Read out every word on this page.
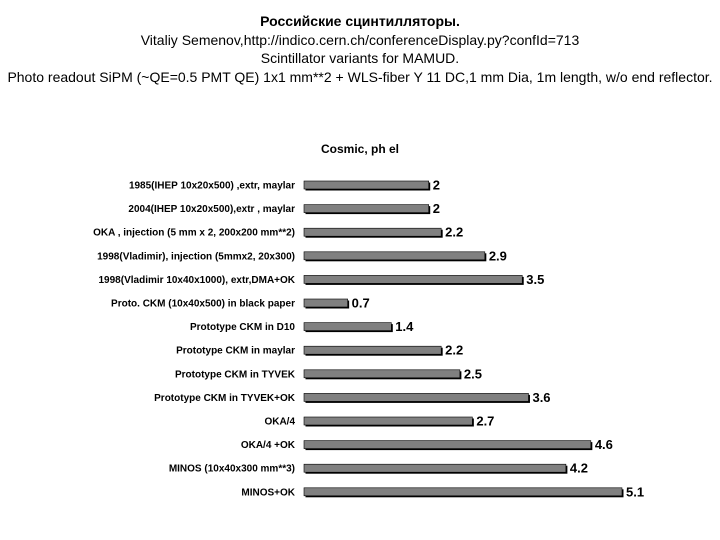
Российские сцинтилляторы.
Vitaliy Semenov,http://indico.cern.ch/conferenceDisplay.py?confId=713
Scintillator variants for MAMUD.
Photo readout SiPM (~QE=0.5 PMT QE) 1x1 mm**2 + WLS-fiber Y 11 DC,1 mm Dia, 1m length, w/o end reflector.
Cosmic, ph el
1985(IHEP 10x20x500) ,extr, maylar
2004(IHEP 10x20x500),extr , maylar
OKA , injection (5 mm x 2, 200x200 mm**2)
1998(Vladimir), injection (5mmx2, 20x300)
1998(Vladimir 10x40x1000), extr,DMA+OK
Proto. CKM (10x40x500) in black paper
Prototype CKM in D10
Prototype CKM in maylar
Prototype CKM in TYVEK
Prototype CKM in TYVEK+OK
OKA/4
OKA/4 +OK
MINOS (10x40x300 mm**3)
MINOS+OK
2
2
2.2
2.9
3.5
0.7
1.4
2.2
2.5
3.6
2.7
4.6
4.2
5.1
